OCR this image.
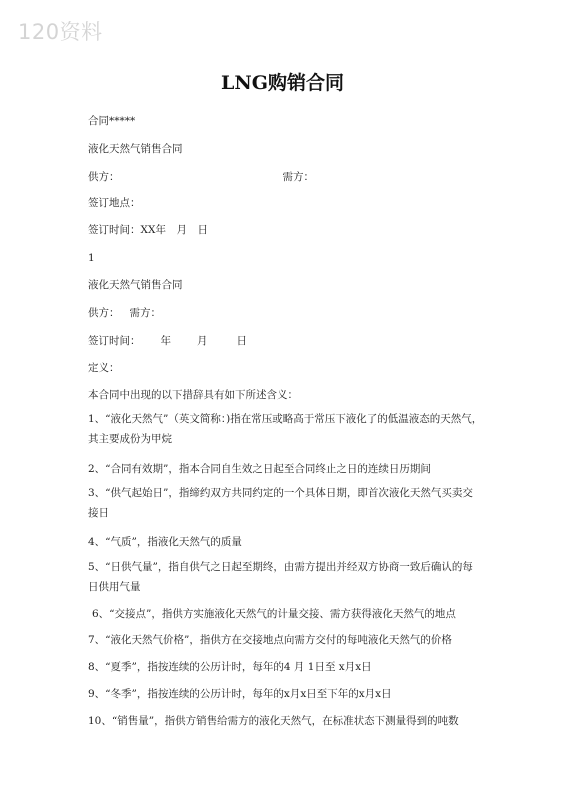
120资料
LNG购销合同
合同*****
液化天然气销售合同
供方：	需方：
签订地点：
签订时间：XX年　月　日
1
液化天然气销售合同
供方： 需方：
签订时间： 年 月	日
定义：
本合同中出现的以下措辞具有如下所述含义：
1、“液化天然气”（英文简称：)指在常压或略高于常压下液化了的低温液态的天然气，其主要成份为甲烷
2、“合同有效期”，指本合同自生效之日起至合同终止之日的连续日历期间
3、“供气起始日”，指缔约双方共同约定的一个具体日期，即首次液化天然气买卖交接日
4、“气质”，指液化天然气的质量
5、“日供气量”，指自供气之日起至期终，由需方提出并经双方协商一致后确认的每日供用气量
6、“交接点”，指供方实施液化天然气的计量交接、需方获得液化天然气的地点
7、“液化天然气价格”，指供方在交接地点向需方交付的每吨液化天然气的价格
8、“夏季”，指按连续的公历计时，每年的4 月 1日至 x月x日
9、“冬季”，指按连续的公历计时，每年的x月x日至下年的x月x日
10、“销售量”，指供方销售给需方的液化天然气，在标准状态下测量得到的吨数
